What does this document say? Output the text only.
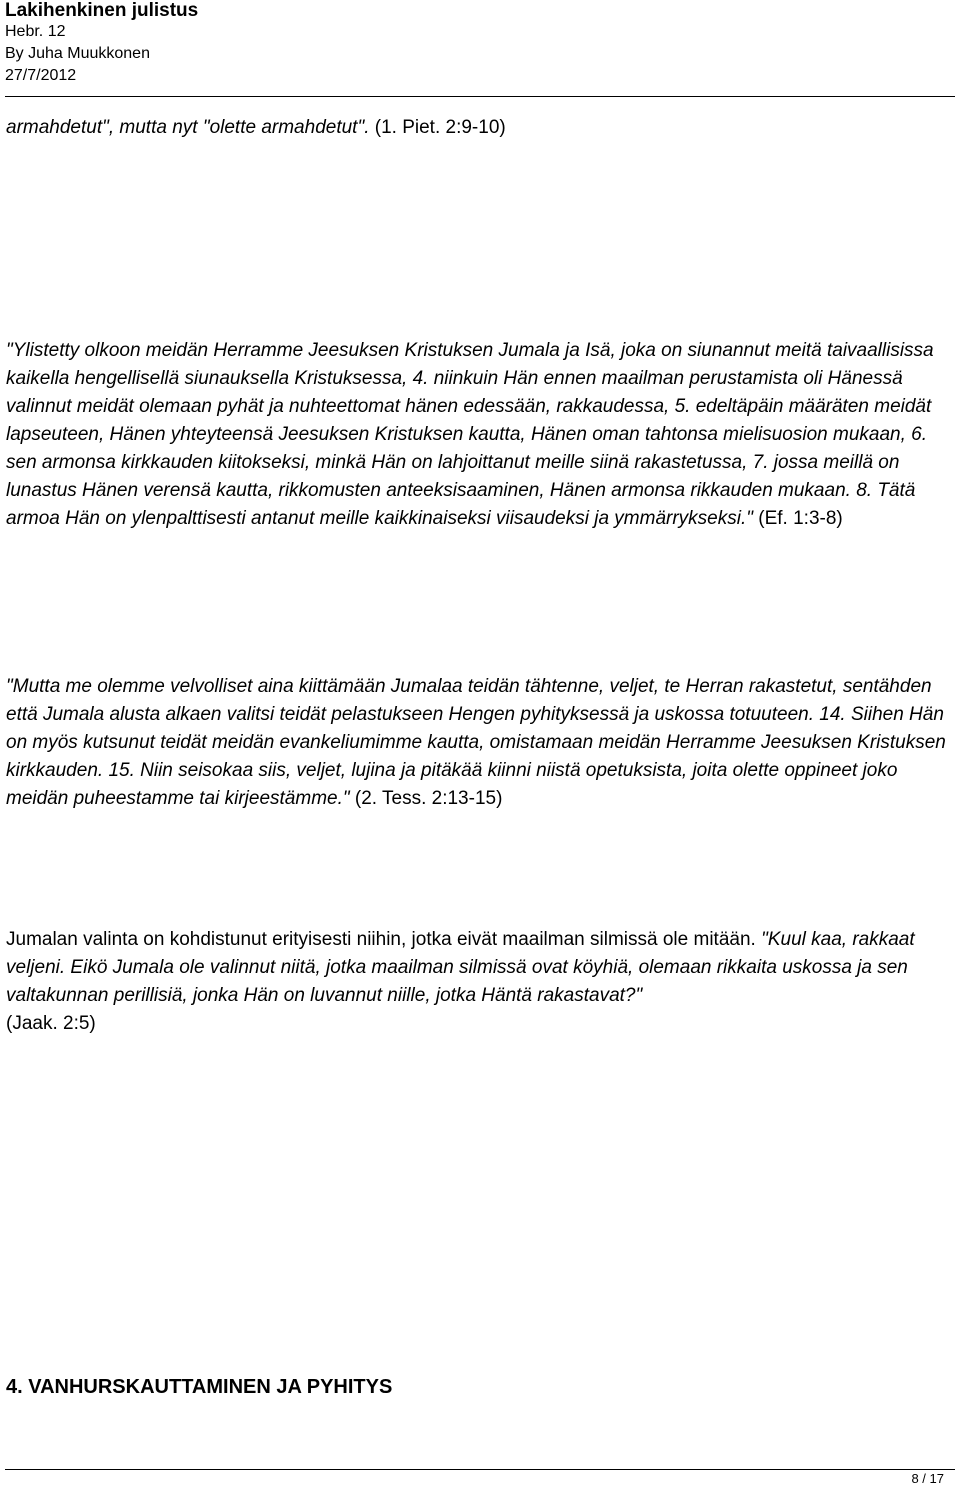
Lakihenkinen julistus
Hebr. 12
By Juha Muukkonen
27/7/2012

armahdetut", mutta nyt "olette armahdetut". (1. Piet. 2:9-10)

"Ylistetty olkoon meidän Herramme Jeesuksen Kristuksen Jumala ja Isä, joka on siunannut meitä taivaallisissa kaikella hengellisellä siunauksella Kristuksessa, 4. niinkuin Hän ennen maailman perustamista oli Hänessä valinnut meidät olemaan pyhät ja nuhteettomat hänen edessään, rakkaudessa, 5. edeltäpäin määräten meidät lapseuteen, Hänen yhteyteensä Jeesuksen Kristuksen kautta, Hänen oman tahtonsa mielisuosion mukaan, 6. sen armonsa kirkkauden kiitokseksi, minkä Hän on lahjoittanut meille siinä rakastetussa, 7. jossa meillä on lunastus Hänen verensä kautta, rikkomusten anteeksisaaminen, Hänen armonsa rikkauden mukaan. 8. Tätä armoa Hän on ylenpalttisesti antanut meille kaikkinaiseksi viisaudeksi ja ymmärrykseksi." (Ef. 1:3-8)

"Mutta me olemme velvolliset aina kiittämään Jumalaa teidän tähtenne, veljet, te Herran rakastetut, sentähden että Jumala alusta alkaen valitsi teidät pelastukseen Hengen pyhityksessä ja uskossa totuuteen. 14. Siihen Hän on myös kutsunut teidät meidän evankeliumimme kautta, omistamaan meidän Herramme Jeesuksen Kristuksen kirkkauden. 15. Niin seisokaa siis, veljet, lujina ja pitäkää kiinni niistä opetuksista, joita olette oppineet joko meidän puheestamme tai kirjeestämme." (2. Tess. 2:13-15)

Jumalan valinta on kohdistunut erityisesti niihin, jotka eivät maailman silmissä ole mitään. "Kuul kaa, rakkaat veljeni. Eikö Jumala ole valinnut niitä, jotka maailman silmissä ovat köyhiä, olemaan rikkaita uskossa ja sen valtakunnan perillisiä, jonka Hän on luvannut niille, jotka Häntä rakastavat?"

(Jaak. 2:5)

4. VANHURSKAUTTAMINEN JA PYHITYS
8 / 17
